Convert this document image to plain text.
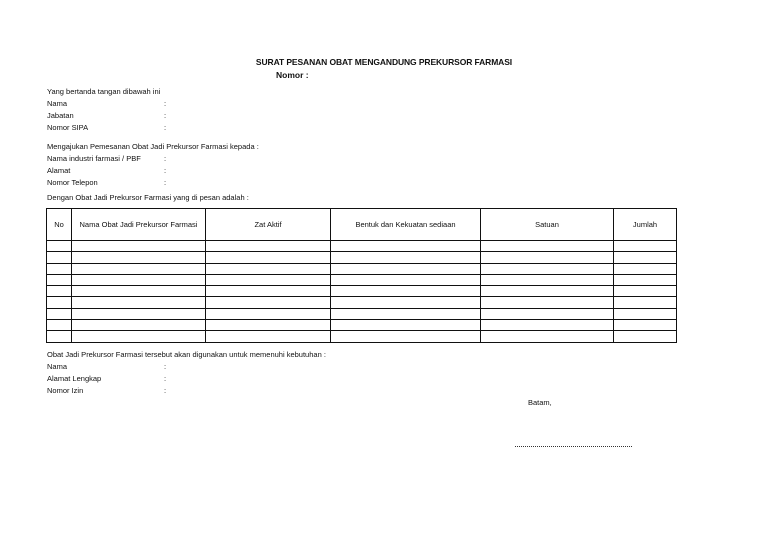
SURAT PESANAN OBAT MENGANDUNG PREKURSOR FARMASI
Nomor :
Yang bertanda tangan dibawah ini
Nama	:
Jabatan	:
Nomor SIPA	:
Mengajukan Pemesanan Obat Jadi Prekursor Farmasi kepada :
Nama industri farmasi / PBF	:
Alamat	:
Nomor Telepon	:
Dengan Obat Jadi Prekursor Farmasi yang di pesan adalah :
No	Nama Obat Jadi Prekursor Farmasi	Zat Aktif	Bentuk dan Kekuatan sediaan	Satuan	Jumlah

Obat Jadi Prekursor Farmasi tersebut akan digunakan untuk memenuhi kebutuhan :
Nama	:
Alamat Lengkap	:
Nomor Izin	:
Batam,
